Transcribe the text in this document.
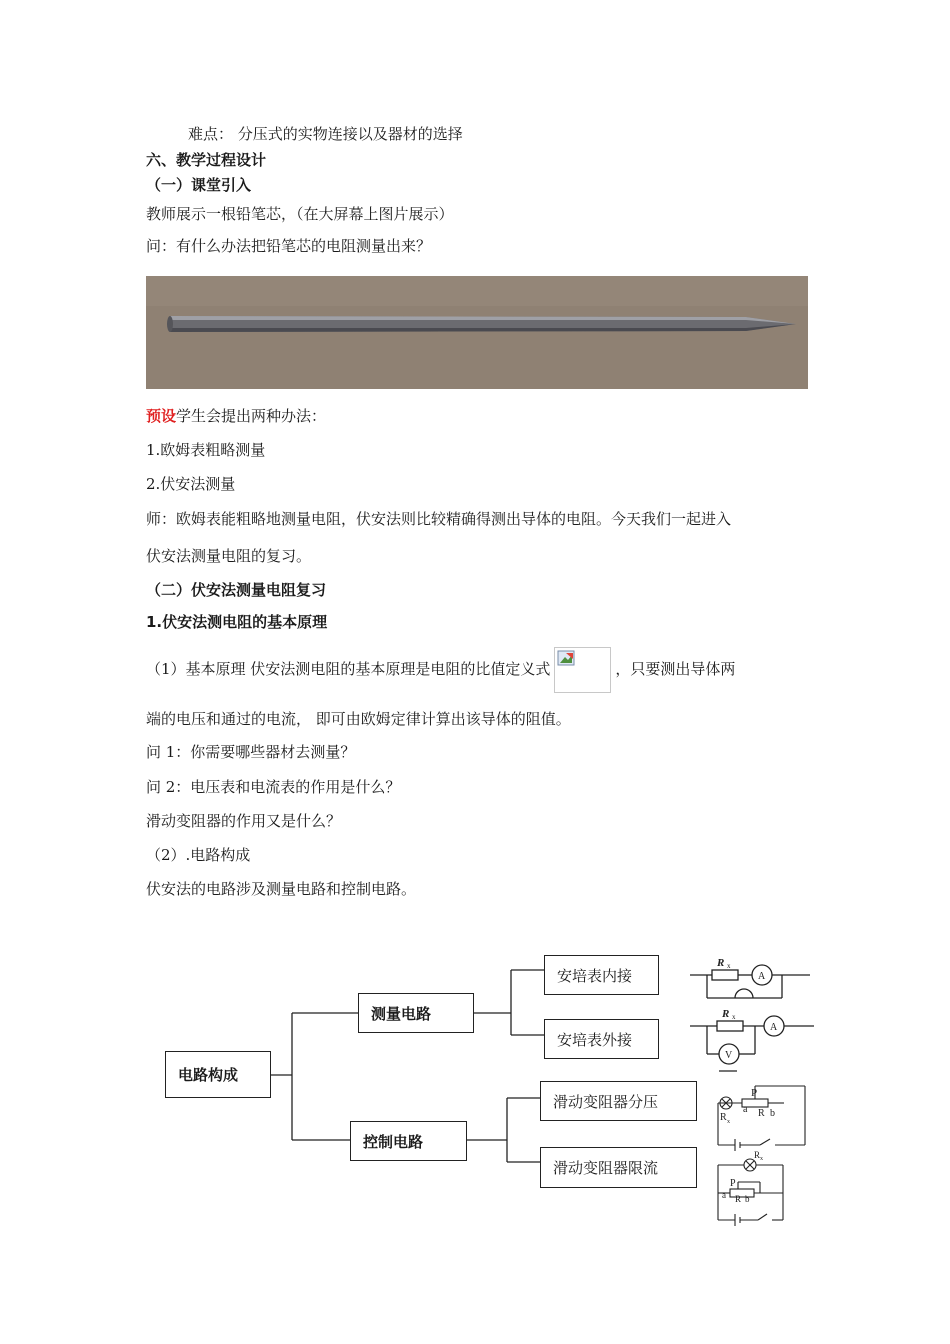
难点： 分压式的实物连接以及器材的选择
六、教学过程设计
（一）课堂引入
教师展示一根铅笔芯，（在大屏幕上图片展示）
问：有什么办法把铅笔芯的电阻测量出来？
预设学生会提出两种办法：
1.欧姆表粗略测量
2.伏安法测量
师：欧姆表能粗略地测量电阻，伏安法则比较精确得测出导体的电阻。今天我们一起进入
伏安法测量电阻的复习。
（二）伏安法测量电阻复习
1.伏安法测电阻的基本原理
（1）基本原理 伏安法测电阻的基本原理是电阻的比值定义式	，只要测出导体两
端的电压和通过的电流， 即可由欧姆定律计算出该导体的阻值。
问 1：你需要哪些器材去测量？
问 2：电压表和电流表的作用是什么？
滑动变阻器的作用又是什么？
（2）.电路构成
伏安法的电路涉及测量电路和控制电路。
R x
A
R x
A
V
P
a R b
R x
R x
P
a R b
电路构成
测量电路
控制电路
安培表内接
安培表外接
滑动变阻器分压
滑动变阻器限流
